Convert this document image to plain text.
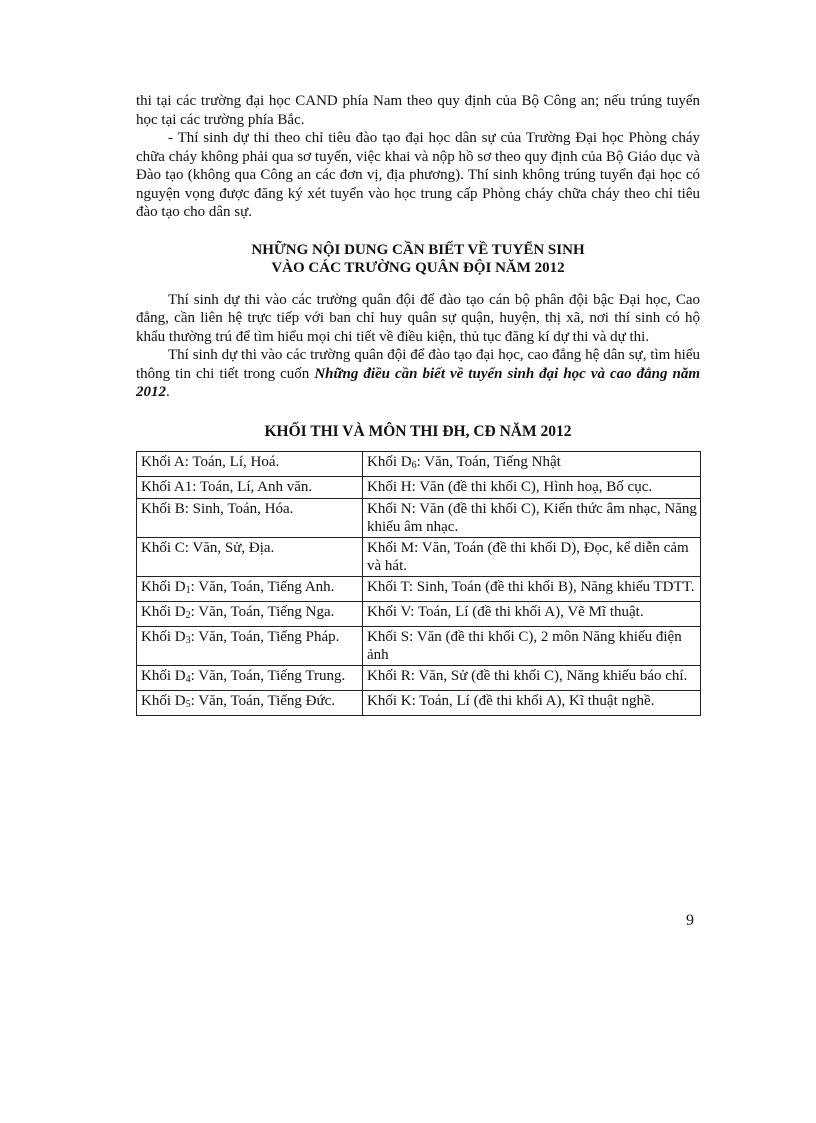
thi tại các trường đại học CAND phía Nam theo quy định của Bộ Công an; nếu trúng tuyển học tại các trường phía Bắc.

- Thí sinh dự thi theo chỉ tiêu đào tạo đại học dân sự của Trường Đại học Phòng cháy chữa cháy không phải qua sơ tuyển, việc khai và nộp hồ sơ theo quy định của Bộ Giáo dục và Đào tạo (không qua Công an các đơn vị, địa phương). Thí sinh không trúng tuyển đại học có nguyện vọng được đăng ký xét tuyển vào học trung cấp Phòng cháy chữa cháy theo chỉ tiêu đào tạo cho dân sự.

NHỮNG NỘI DUNG CẦN BIẾT VỀ TUYỂN SINH
VÀO CÁC TRƯỜNG QUÂN ĐỘI NĂM 2012

Thí sinh dự thi vào các trường quân đội để đào tạo cán bộ phân đội bậc Đại học, Cao đẳng, cần liên hệ trực tiếp với ban chỉ huy quân sự quận, huyện, thị xã, nơi thí sinh có hộ khẩu thường trú để tìm hiểu mọi chi tiết về điều kiện, thủ tục đăng kí dự thi và dự thi.

Thí sinh dự thi vào các trường quân đội để đào tạo đại học, cao đẳng hệ dân sự, tìm hiểu thông tin chi tiết trong cuốn Những điều cần biết về tuyển sinh đại học và cao đẳng năm 2012.

KHỐI THI VÀ MÔN THI ĐH, CĐ NĂM 2012
Khối A: Toán, Lí, Hoá.	Khối D6: Văn, Toán, Tiếng Nhật
Khối A1: Toán, Lí, Anh văn.	Khối H: Văn (đề thi khối C), Hình hoạ, Bố cục.
Khối B: Sinh, Toán, Hóa.	Khối N: Văn (đề thi khối C), Kiến thức âm nhạc, Năng khiếu âm nhạc.
Khối C: Văn, Sử, Địa.	Khối M: Văn, Toán (đề thi khối D), Đọc, kể diễn cảm và hát.
Khối D1: Văn, Toán, Tiếng Anh.	Khối T: Sinh, Toán (đề thi khối B), Năng khiếu TDTT.
Khối D2: Văn, Toán, Tiếng Nga.	Khối V: Toán, Lí (đề thi khối A), Vẽ Mĩ thuật.
Khối D3: Văn, Toán, Tiếng Pháp.	Khối S: Văn (đề thi khối C), 2 môn Năng khiếu điện ảnh
Khối D4: Văn, Toán, Tiếng Trung.	Khối R: Văn, Sử (đề thi khối C), Năng khiếu báo chí.
Khối D5: Văn, Toán, Tiếng Đức.	Khối K: Toán, Lí (đề thi khối A), Kĩ thuật nghề.
9
